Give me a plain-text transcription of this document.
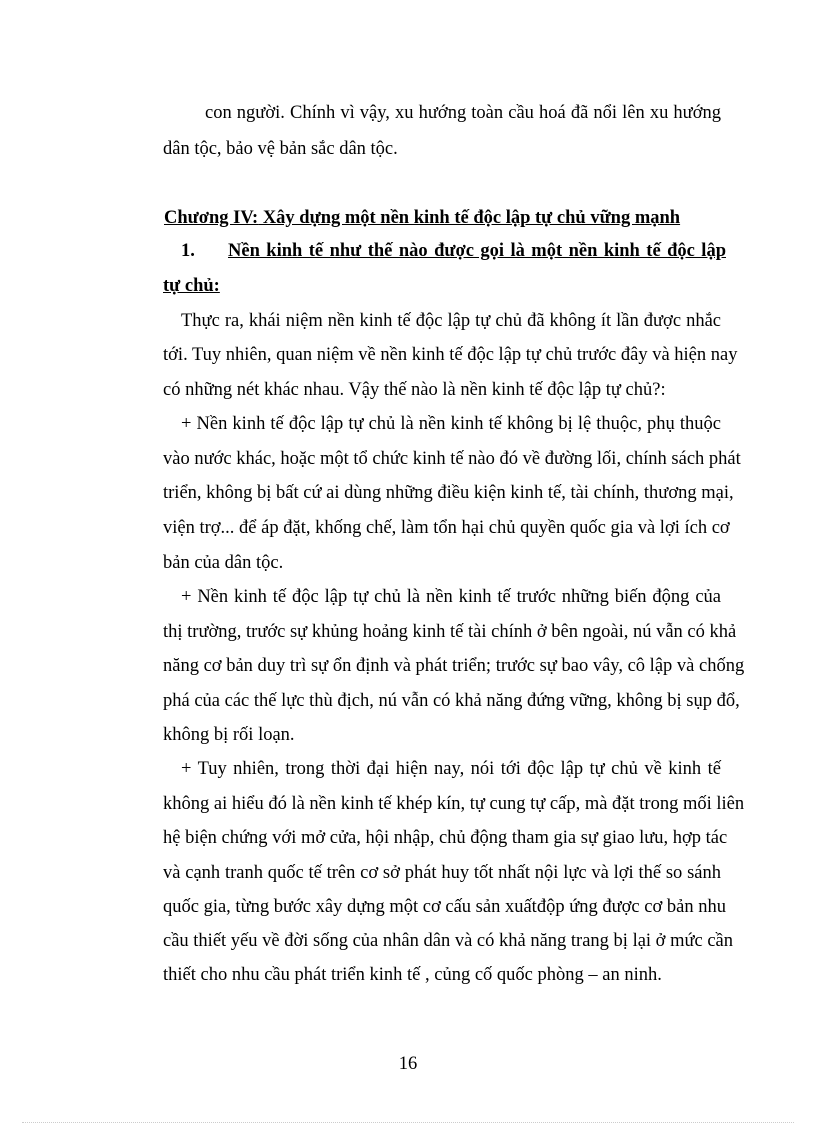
con người. Chính vì vậy, xu hướng toàn cầu hoá đã nổi lên xu hướng
dân tộc, bảo vệ bản sắc dân tộc.
Chương IV: Xây dựng một nền kinh tế độc lập tự chủ vững mạnh
1. Nền kinh tế như thế nào được gọi là một nền kinh tế độc lập
tự chủ:
Thực ra, khái niệm nền kinh tế độc lập tự chủ đã không ít lần được nhắc
tới. Tuy nhiên, quan niệm về nền kinh tế độc lập tự chủ trước đây và hiện nay
có những nét khác nhau. Vậy thế nào là nền kinh tế độc lập tự chủ?:
+ Nền kinh tế độc lập tự chủ là nền kinh tế không bị lệ thuộc, phụ thuộc
vào nước khác, hoặc một tổ chức kinh tế nào đó về đường lối, chính sách phát
triển, không bị bất cứ ai dùng những điều kiện kinh tế, tài chính, thương mại,
viện trợ... để áp đặt, khống chế, làm tổn hại chủ quyền quốc gia và lợi ích cơ
bản của dân tộc.
+ Nền kinh tế độc lập tự chủ là nền kinh tế trước những biến động của
thị trường, trước sự khủng hoảng kinh tế tài chính ở bên ngoài, nú vẫn có khả
năng cơ bản duy trì sự ổn định và phát triển; trước sự bao vây, cô lập và chống
phá của các thế lực thù địch, nú vẫn có khả năng đứng vững, không bị sụp đổ,
không bị rối loạn.
+ Tuy nhiên, trong thời đại hiện nay, nói tới độc lập tự chủ về kinh tế
không ai hiểu đó là nền kinh tế khép kín, tự cung tự cấp, mà đặt trong mối liên
hệ biện chứng với mở cửa, hội nhập, chủ động tham gia sự giao lưu, hợp tác
và cạnh tranh quốc tế trên cơ sở phát huy tốt nhất nội lực và lợi thế so sánh
quốc gia, từng bước xây dựng một cơ cấu sản xuấtđộp ứng được cơ bản nhu
cầu thiết yếu về đời sống của nhân dân và có khả năng trang bị lại ở mức cần
thiết cho nhu cầu phát triển kinh tế , củng cố quốc phòng – an ninh.
16
